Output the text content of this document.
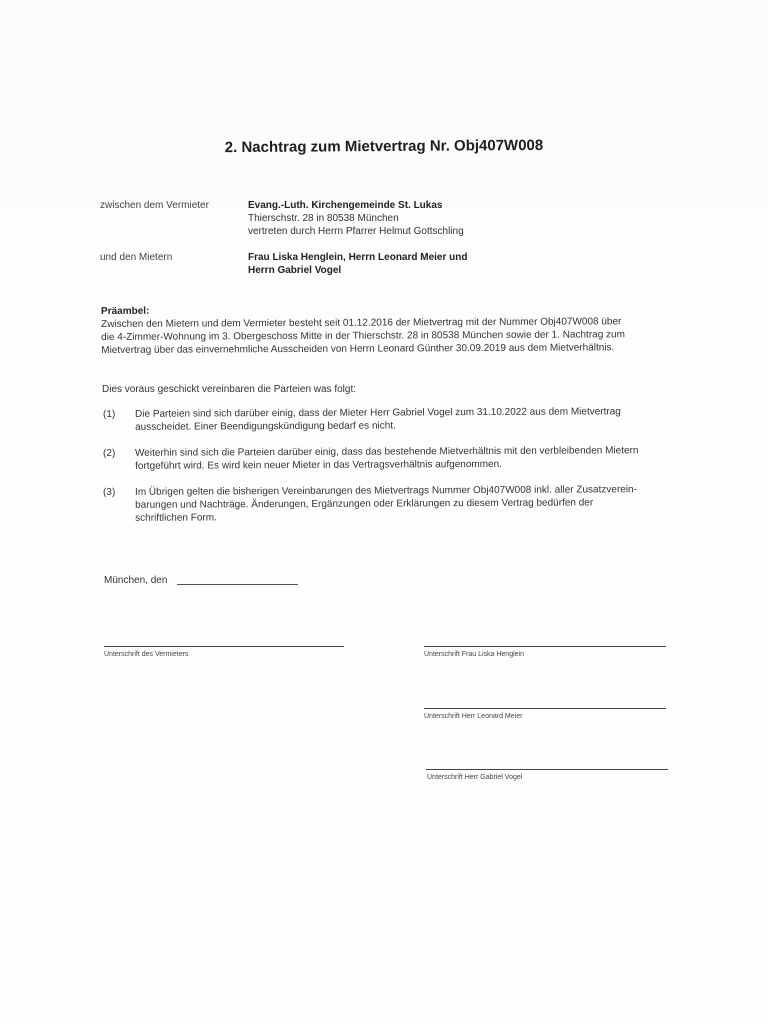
2. Nachtrag zum Mietvertrag Nr. Obj407W008
zwischen dem Vermieter	Evang.-Luth. Kirchengemeinde St. Lukas
Thierschstr. 28 in 80538 München
vertreten durch Herrn Pfarrer Helmut Gottschling
und den Mietern	Frau Liska Henglein, Herrn Leonard Meier und
Herrn Gabriel Vogel
Präambel:
Zwischen den Mietern und dem Vermieter besteht seit 01.12.2016 der Mietvertrag mit der Nummer Obj407W008 über
die 4-Zimmer-Wohnung im 3. Obergeschoss Mitte in der Thierschstr. 28 in 80538 München sowie der 1. Nachtrag zum
Mietvertrag über das einvernehmliche Ausscheiden von Herrn Leonard Günther 30.09.2019 aus dem Mietverhältnis.
Dies voraus geschickt vereinbaren die Parteien was folgt:
(1) Die Parteien sind sich darüber einig, dass der Mieter Herr Gabriel Vogel zum 31.10.2022 aus dem Mietvertrag
ausscheidet. Einer Beendigungskündigung bedarf es nicht.
(2) Weiterhin sind sich die Parteien darüber einig, dass das bestehende Mietverhältnis mit den verbleibenden Mietern
fortgeführt wird. Es wird kein neuer Mieter in das Vertragsverhältnis aufgenommen.
(3) Im Übrigen gelten die bisherigen Vereinbarungen des Mietvertrags Nummer Obj407W008 inkl. aller Zusatzverein-
barungen und Nachträge. Änderungen, Ergänzungen oder Erklärungen zu diesem Vertrag bedürfen der
schriftlichen Form.
München, den
Unterschrift des Vermieters	Unterschrift Frau Liska Henglein
Unterschrift Herr Leonard Meier
Unterschrift Herr Gabriel Vogel
